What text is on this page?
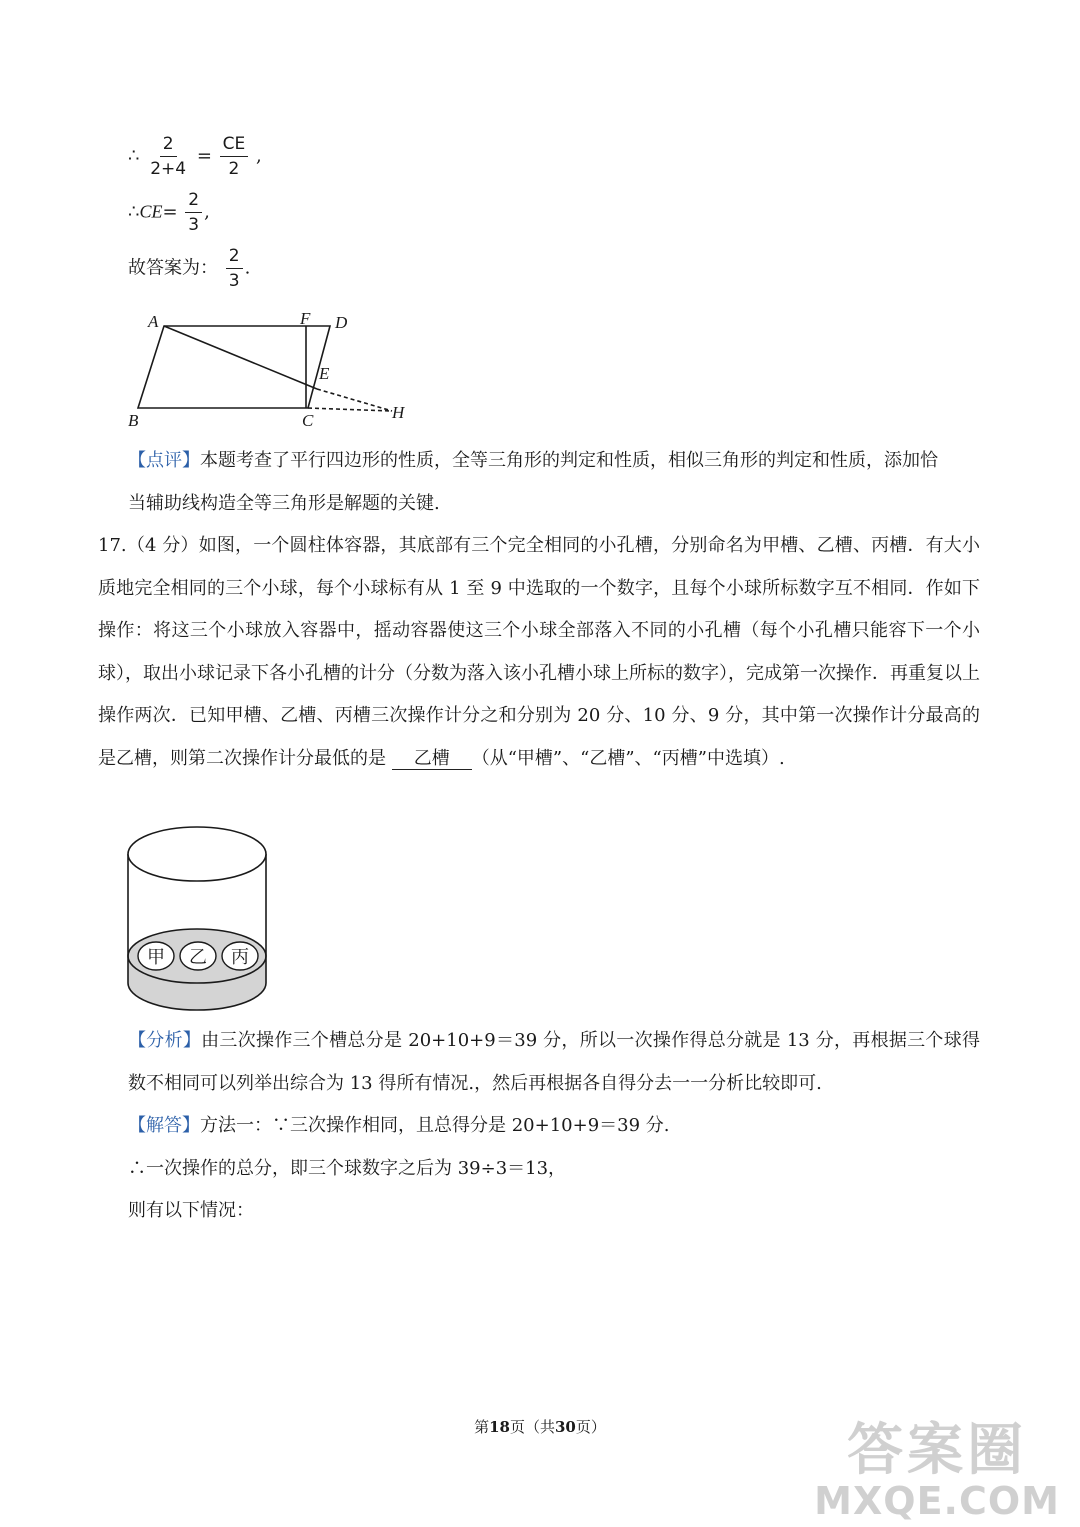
∴ $\frac{2}{2+4} = \frac{CE}{2}$ ,
∴CE= $\frac{2}{3}$ ,
故答案为： $\frac{2}{3}$ .
A	F D
E
B	C	H
【点评】本题考查了平行四边形的性质，全等三角形的判定和性质，相似三角形的判定和性质，添加恰
当辅助线构造全等三角形是解题的关键.
17.（4 分）如图，一个圆柱体容器，其底部有三个完全相同的小孔槽，分别命名为甲槽、乙槽、丙槽．有大小质地完全相同的三个小球，每个小球标有从 1 至 9 中选取的一个数字，且每个小球所标数字互不相同．作如下操作：将这三个小球放入容器中，摇动容器使这三个小球全部落入不同的小孔槽（每个小孔槽只能容下一个小球），取出小球记录下各小孔槽的计分（分数为落入该小孔槽小球上所标的数字），完成第一次操作．再重复以上操作两次．已知甲槽、乙槽、丙槽三次操作计分之和分别为 20 分、10 分、9 分，其中第一次操作计分最高的是乙槽，则第二次操作计分最低的是 乙槽 （从“甲槽”、“乙槽”、“丙槽”中选填）.
甲 乙 丙
【分析】由三次操作三个槽总分是 20+10+9＝39 分，所以一次操作得总分就是 13 分，再根据三个球得数不相同可以列举出综合为 13 得所有情况.，然后再根据各自得分去一一分析比较即可.
【解答】方法一：∵三次操作相同，且总得分是 20+10+9＝39 分.
∴一次操作的总分，即三个球数字之后为 39÷3＝13，
则有以下情况：
第18页（共30页）	答案圈
MXQE.COM
